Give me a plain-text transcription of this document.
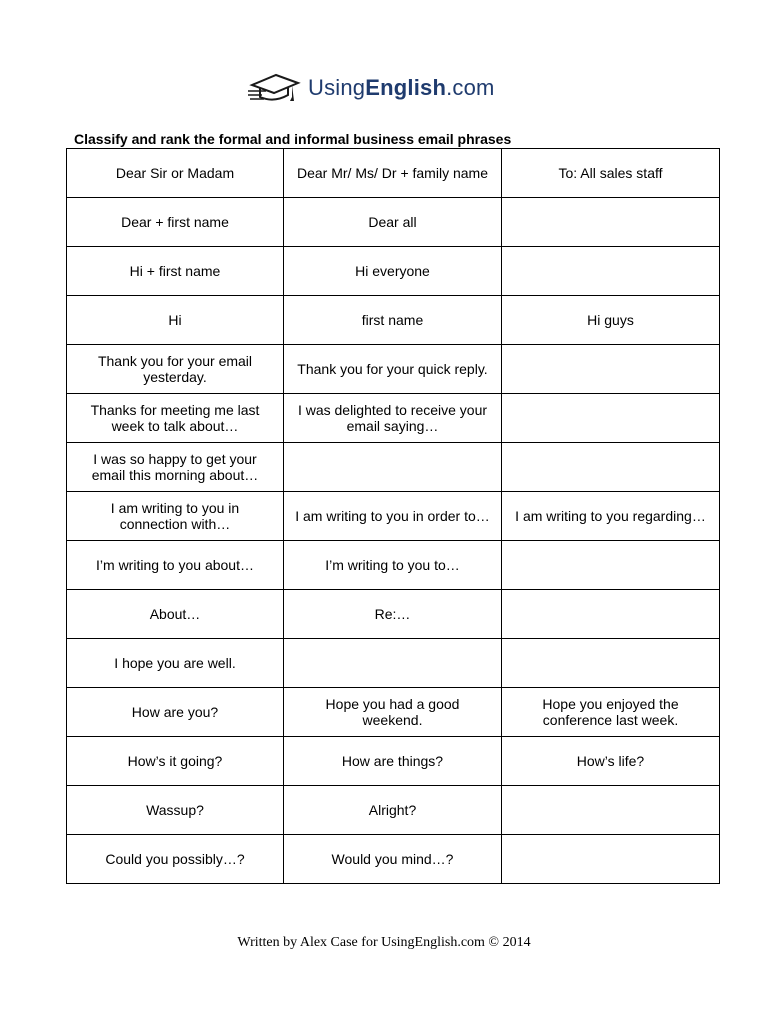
UsingEnglish.com
Classify and rank the formal and informal business email phrases
Dear Sir or Madam	Dear Mr/ Ms/ Dr + family name	To: All sales staff
Dear + first name	Dear all	
Hi + first name	Hi everyone	
Hi	first name	Hi guys
Thank you for your email yesterday.	Thank you for your quick reply.	
Thanks for meeting me last week to talk about…	I was delighted to receive your email saying…	
I was so happy to get your email this morning about…		
I am writing to you in connection with…	I am writing to you in order to…	I am writing to you regarding…
I’m writing to you about…	I’m writing to you to…	
About…	Re:…	
I hope you are well.		
How are you?	Hope you had a good weekend.	Hope you enjoyed the conference last week.
How’s it going?	How are things?	How’s life?
Wassup?	Alright?	
Could you possibly…?	Would you mind…?	
Written by Alex Case for UsingEnglish.com © 2014
